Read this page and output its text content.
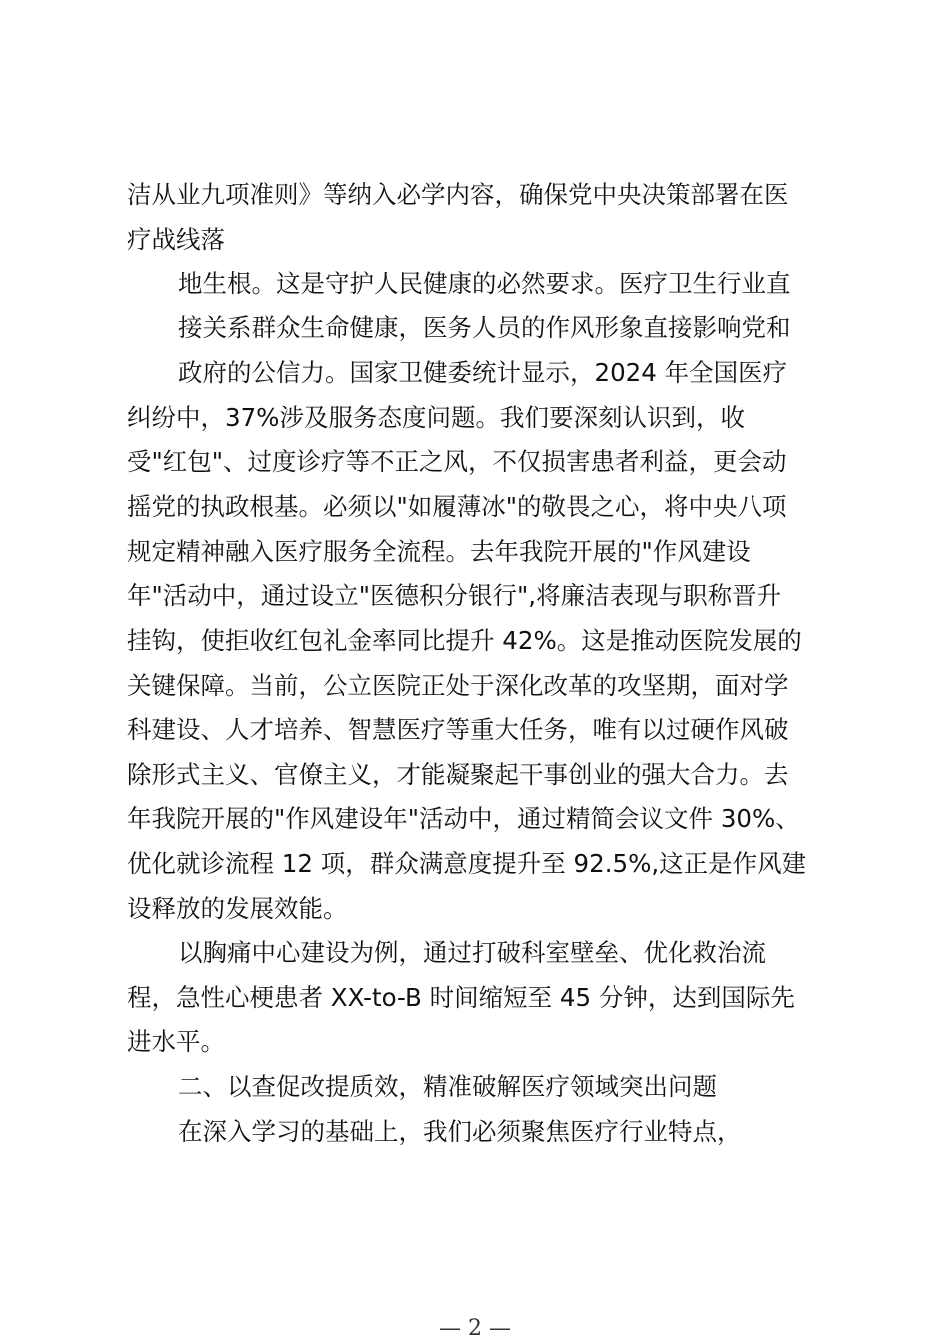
洁从业九项准则》等纳入必学内容，确保党中央决策部署在医
疗战线落
地生根。这是守护人民健康的必然要求。医疗卫生行业直
接关系群众生命健康，医务人员的作风形象直接影响党和
政府的公信力。国家卫健委统计显示，2024 年全国医疗
纠纷中，37%涉及服务态度问题。我们要深刻认识到，收
受"红包"、过度诊疗等不正之风，不仅损害患者利益，更会动
摇党的执政根基。必须以"如履薄冰"的敬畏之心，将中央八项
规定精神融入医疗服务全流程。去年我院开展的"作风建设
年"活动中，通过设立"医德积分银行",将廉洁表现与职称晋升
挂钩，使拒收红包礼金率同比提升 42%。这是推动医院发展的
关键保障。当前，公立医院正处于深化改革的攻坚期，面对学
科建设、人才培养、智慧医疗等重大任务，唯有以过硬作风破
除形式主义、官僚主义，才能凝聚起干事创业的强大合力。去
年我院开展的"作风建设年"活动中，通过精简会议文件 30%、
优化就诊流程 12 项，群众满意度提升至 92.5%,这正是作风建
设释放的发展效能。
以胸痛中心建设为例，通过打破科室壁垒、优化救治流
程，急性心梗患者 XX-to-B 时间缩短至 45 分钟，达到国际先
进水平。
二、以查促改提质效，精准破解医疗领域突出问题
在深入学习的基础上，我们必须聚焦医疗行业特点，
— 2 —
